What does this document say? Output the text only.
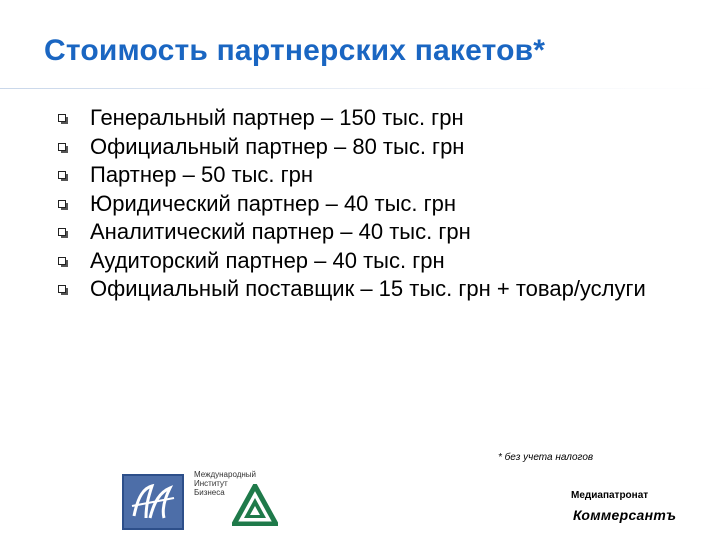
Стоимость партнерских пакетов*
Генеральный партнер – 150 тыс. грн
Официальный партнер – 80 тыс. грн
Партнер – 50 тыс. грн
Юридический партнер – 40 тыс. грн
Аналитический партнер – 40 тыс. грн
Аудиторский партнер – 40 тыс. грн
Официальный поставщик – 15 тыс. грн + товар/услуги
* без учета налогов
Международный
Институт
Бизнеса	Медиапатронат
Коммерсантъ
